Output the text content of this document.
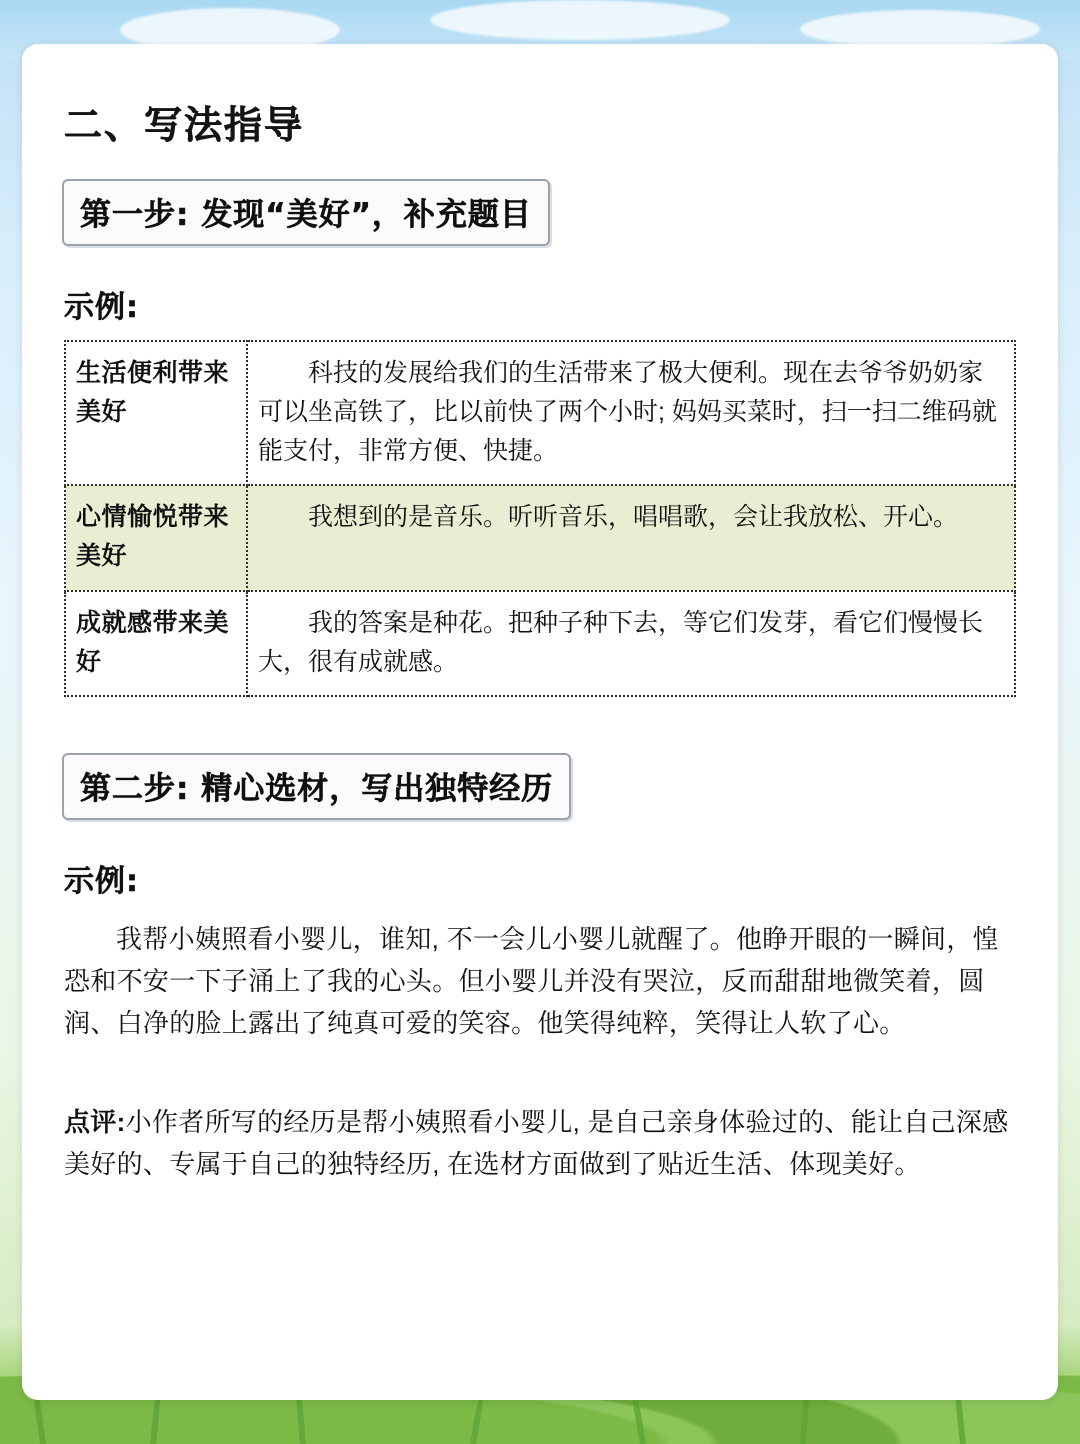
二、写法指导
第一步: 发现“美好”，补充题目
示例:
生活便利带来美好	科技的发展给我们的生活带来了极大便利。现在去爷爷奶奶家可以坐高铁了，比以前快了两个小时; 妈妈买菜时，扫一扫二维码就能支付，非常方便、快捷。
心情愉悦带来美好	我想到的是音乐。听听音乐，唱唱歌，会让我放松、开心。
成就感带来美好	我的答案是种花。把种子种下去，等它们发芽，看它们慢慢长大，很有成就感。
第二步: 精心选材，写出独特经历
示例:
我帮小姨照看小婴儿，谁知, 不一会儿小婴儿就醒了。他睁开眼的一瞬间，惶恐和不安一下子涌上了我的心头。但小婴儿并没有哭泣，反而甜甜地微笑着，圆润、白净的脸上露出了纯真可爱的笑容。他笑得纯粹，笑得让人软了心。
点评:小作者所写的经历是帮小姨照看小婴儿, 是自己亲身体验过的、能让自己深感美好的、专属于自己的独特经历, 在选材方面做到了贴近生活、体现美好。
